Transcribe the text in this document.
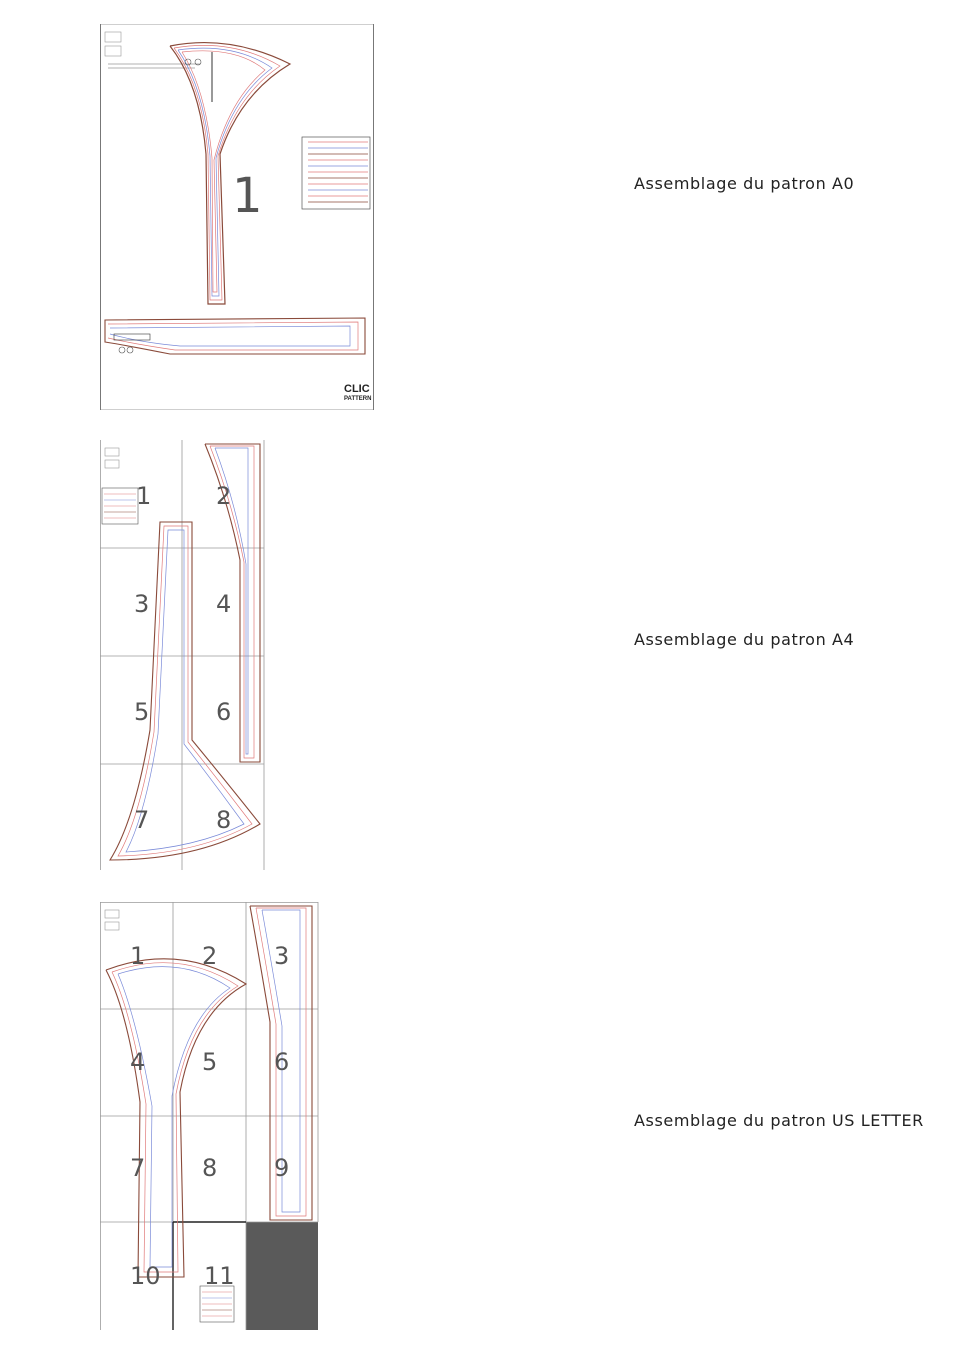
1
CLIC
PATTERN
Assemblage du patron A0
1	2
3	4
5	6
7	8
Assemblage du patron A4
1 2 3
4 5 6
7 8 9
10 11
Assemblage du patron US LETTER
